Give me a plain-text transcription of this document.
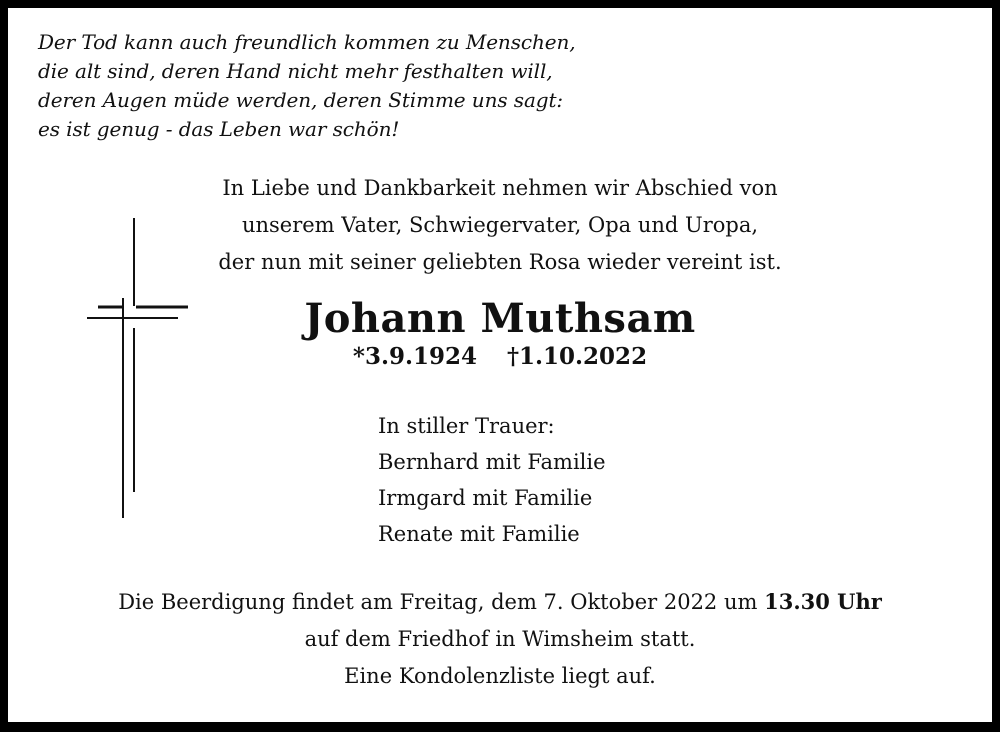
Der Tod kann auch freundlich kommen zu Menschen,
die alt sind, deren Hand nicht mehr festhalten will,
deren Augen müde werden, deren Stimme uns sagt:
es ist genug - das Leben war schön!
In Liebe und Dankbarkeit nehmen wir Abschied von
unserem Vater, Schwiegervater, Opa und Uropa,
der nun mit seiner geliebten Rosa wieder vereint ist.
Johann Muthsam
*3.9.1924 †1.10.2022
In stiller Trauer:
Bernhard mit Familie
Irmgard mit Familie
Renate mit Familie
Die Beerdigung findet am Freitag, dem 7. Oktober 2022 um 13.30 Uhr
auf dem Friedhof in Wimsheim statt.
Eine Kondolenzliste liegt auf.
